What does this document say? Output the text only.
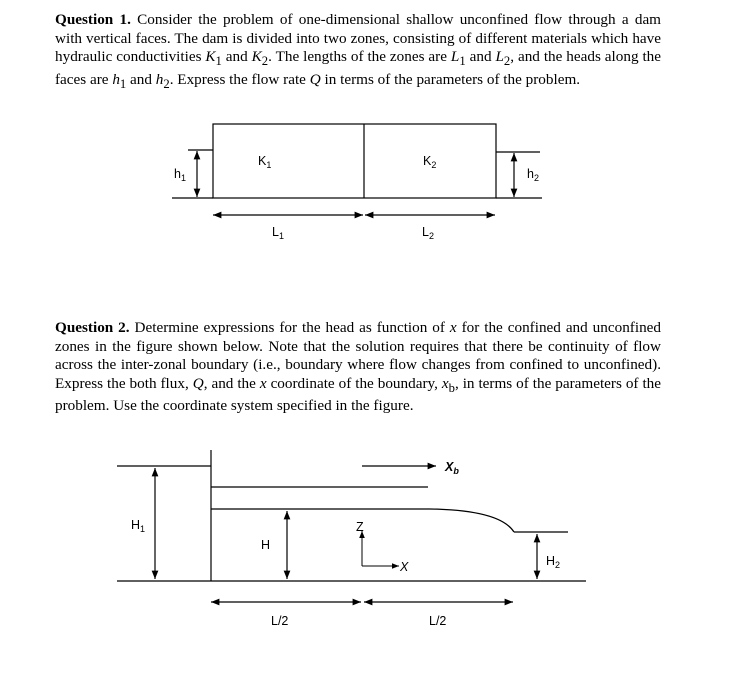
Question 1. Consider the problem of one-dimensional shallow unconfined flow through a dam with vertical faces. The dam is divided into two zones, consisting of different materials which have hydraulic conductivities $K_1$ and $K_2$. The lengths of the zones are $L_1$ and $L_2$, and the heads along the faces are $h_1$ and $h_2$. Express the flow rate Q in terms of the parameters of the problem.
$K_1$	$K_2$
$h_1$	$h_2$
$L_1$	$L_2$
$X_b$
$H_1$
$H_2$
H
Z
X
L/2	L/2
Question 2. Determine expressions for the head as function of x for the confined and unconfined zones in the figure shown below. Note that the solution requires that there be continuity of flow across the inter-zonal boundary (i.e., boundary where flow changes from confined to unconfined). Express the both flux, Q, and the x coordinate of the boundary, $x_b$, in terms of the parameters of the problem. Use the coordinate system specified in the figure.
